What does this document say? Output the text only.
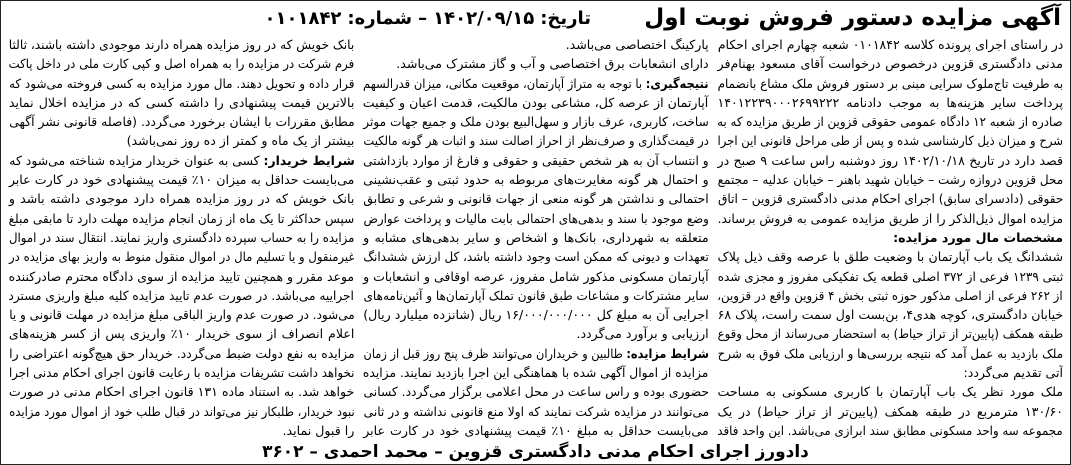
آگهی مزایده دستور فروش نوبت اول
تاریخ:۱۴۰۲/۰۹/۱۵–شماره:۰۱۰۱۸۴۲
در راستای اجرای پرونده کلاسه ۰۱۰۱۸۴۲ شعبه چهارم اجرای احکام
مدنی دادگستری قزوین درخصوص درخواست آقای مسعود بهنام‌فر
به طرفیت تاج‌ملوک سرایی مبنی بر دستور فروش ملک مشاع بانضمام
پرداخت سایر هزینه‌ها به موجب دادنامه ۱۴۰۱۲۲۳۹۰۰۰۲۶۹۹۲۲۲
صادره از شعبه ۱۲ دادگاه عمومی حقوقی قزوین از طریق مزایده که به
شرح و میزان ذیل کارشناسی شده و پس از طی مراحل قانونی این اجرا
قصد دارد در تاریخ ۱۴۰۲/۱۰/۱۸ روز دوشنبه راس ساعت ۹ صبح در
محل قزوین دروازه رشت – خیابان شهید باهنر – خیابان عدلیه – مجتمع
حقوقی (دادسرای سابق) اجرای احکام مدنی دادگستری قزوین – اتاق
مزایده اموال ذیل‌الذکر را از طریق مزایده عمومی به فروش برساند.
مشخصات مال مورد مزایده:
ششدانگ یک باب آپارتمان با وضعیت طلق با عرصه وقف ذیل پلاک
ثبتی ۱۲۳۹ فرعی از ۳۷۲ اصلی قطعه یک تفکیکی مفروز و مجزی شده
از ۲۶۲ فرعی از اصلی مذکور حوزه ثبتی بخش ۴ قزوین واقع در قزوین،
خیابان دادگستری، کوچه هدی۴، بن‌بست اول سمت راست، پلاک ۶۸
طبقه همکف (پایین‌تر از تراز حیاط) به استحضار می‌رساند از محل وقوع
ملک بازدید به عمل آمد که نتیجه بررسی‌ها و ارزیابی ملک فوق به شرح
آتی تقدیم می‌گردد:
ملک مورد نظر یک باب آپارتمان با کاربری مسکونی به مساحت
۱۳۰/۶۰ مترمربع در طبقه همکف (پایین‌تر از تراز حیاط) در یک
مجموعه سه واحد مسکونی مطابق سند ابرازی می‌باشد. این واحد فاقد
پارکینگ اختصاصی می‌باشد.
دارای انشعابات برق اختصاصی و آب و گاز مشترک می‌باشد.
نتیجه‌گیری: با توجه به متراژ آپارتمان، موقعیت مکانی، میزان قدرالسهم
آپارتمان از عرصه کل، مشاعی بودن مالکیت، قدمت اعیان و کیفیت
ساخت، کاربری، عرف بازار و سهل‌البیع بودن ملک و جمیع جهات موثر
در قیمت‌گذاری و صرف‌نظر از احراز اصالت سند و اثبات هر گونه مالکیت
و انتساب آن به هر شخص حقیقی و حقوقی و فارغ از موارد بازداشتی
و احتمال هر گونه مغایرت‌های مربوطه به حدود ثبتی و عقب‌نشینی
احتمالی و نداشتن هر گونه منعی از جهات قانونی و شرعی و تطابق
وضع موجود با سند و بدهی‌های احتمالی بابت مالیات و پرداخت عوارض
متعلقه به شهرداری، بانک‌ها و اشخاص و سایر بدهی‌های مشابه و
تعهدات و دیونی که ممکن است وجود داشته باشد، کل ارزش ششدانگ
آپارتمان مسکونی مذکور شامل مفروز، عرصه اوقافی و انشعابات و
سایر مشترکات و مشاعات طبق قانون تملک آپارتمان‌ها و آئین‌نامه‌های
اجرایی آن به مبلغ کل ۱۶/۰۰۰/۰۰۰/۰۰۰ ریال (شانزده میلیارد ریال)
ارزیابی و برآورد می‌گردد.
شرایط مزایده: طالبین و خریداران می‌توانند ظرف پنج روز قبل از زمان
مزایده از اموال آگهی شده با هماهنگی این اجرا بازدید نمایند. مزایده
حضوری بوده و راس ساعت در محل اعلامی برگزار می‌گردد. کسانی
می‌توانند در مزایده شرکت نمایند که اولا منع قانونی نداشته و در ثانی
می‌بایست حداقل به مبلغ ۱۰٪ قیمت پیشنهادی خود در کارت عابر
بانک خویش که در روز مزایده همراه دارند موجودی داشته باشند، ثالثا
فرم شرکت در مزایده را به همراه اصل و کپی کارت ملی در داخل پاکت
قرار داده و تحویل دهند. مال مورد مزایده به کسی فروخته می‌شود که
بالاترین قیمت پیشنهادی را داشته کسی که در مزایده اخلال نماید
مطابق مقررات با ایشان برخورد می‌گردد. (فاصله قانونی نشر آگهی
بیشتر از یک ماه و کمتر از ده روز نمی‌باشد)
شرایط خریدار: کسی به عنوان خریدار مزایده شناخته می‌شود که
می‌بایست حداقل به میزان ۱۰٪ قیمت پیشنهادی خود در کارت عابر
بانک خویش که در روز مزایده همراه دارد موجودی داشته باشد و
سپس حداکثر تا یک ماه از زمان انجام مزایده مهلت دارد تا مابقی مبلغ
مزایده را به حساب سپرده دادگستری واریز نمایند. انتقال سند در اموال
غیرمنقول و یا تسلیم مال در اموال منقول منوط به واریز بهای مزایده در
موعد مقرر و همچنین تایید مزایده از سوی دادگاه محترم صادرکننده
اجراییه می‌باشد. در صورت عدم تایید مزایده کلیه مبلغ واریزی مسترد
می‌شود. در صورت عدم واریز الباقی مبلغ مزایده در مهلت قانونی و یا
اعلام انصراف از سوی خریدار ۱۰٪ واریزی پس از کسر هزینه‌های
مزایده به نفع دولت ضبط می‌گردد. خریدار حق هیچ‌گونه اعتراضی را
نخواهد داشت تشریفات مزایده با رعایت قانون اجرای احکام مدنی اجرا
خواهد شد. به استناد ماده ۱۳۱ قانون اجرای احکام مدنی در صورت
نبود خریدار، طلبکار نیز می‌تواند در قبال طلب خود از اموال مورد مزایده
را قبول نماید.
دادورز اجرای احکام مدنی دادگستری قزوین – محمد احمدی – ۳۶۰۲
